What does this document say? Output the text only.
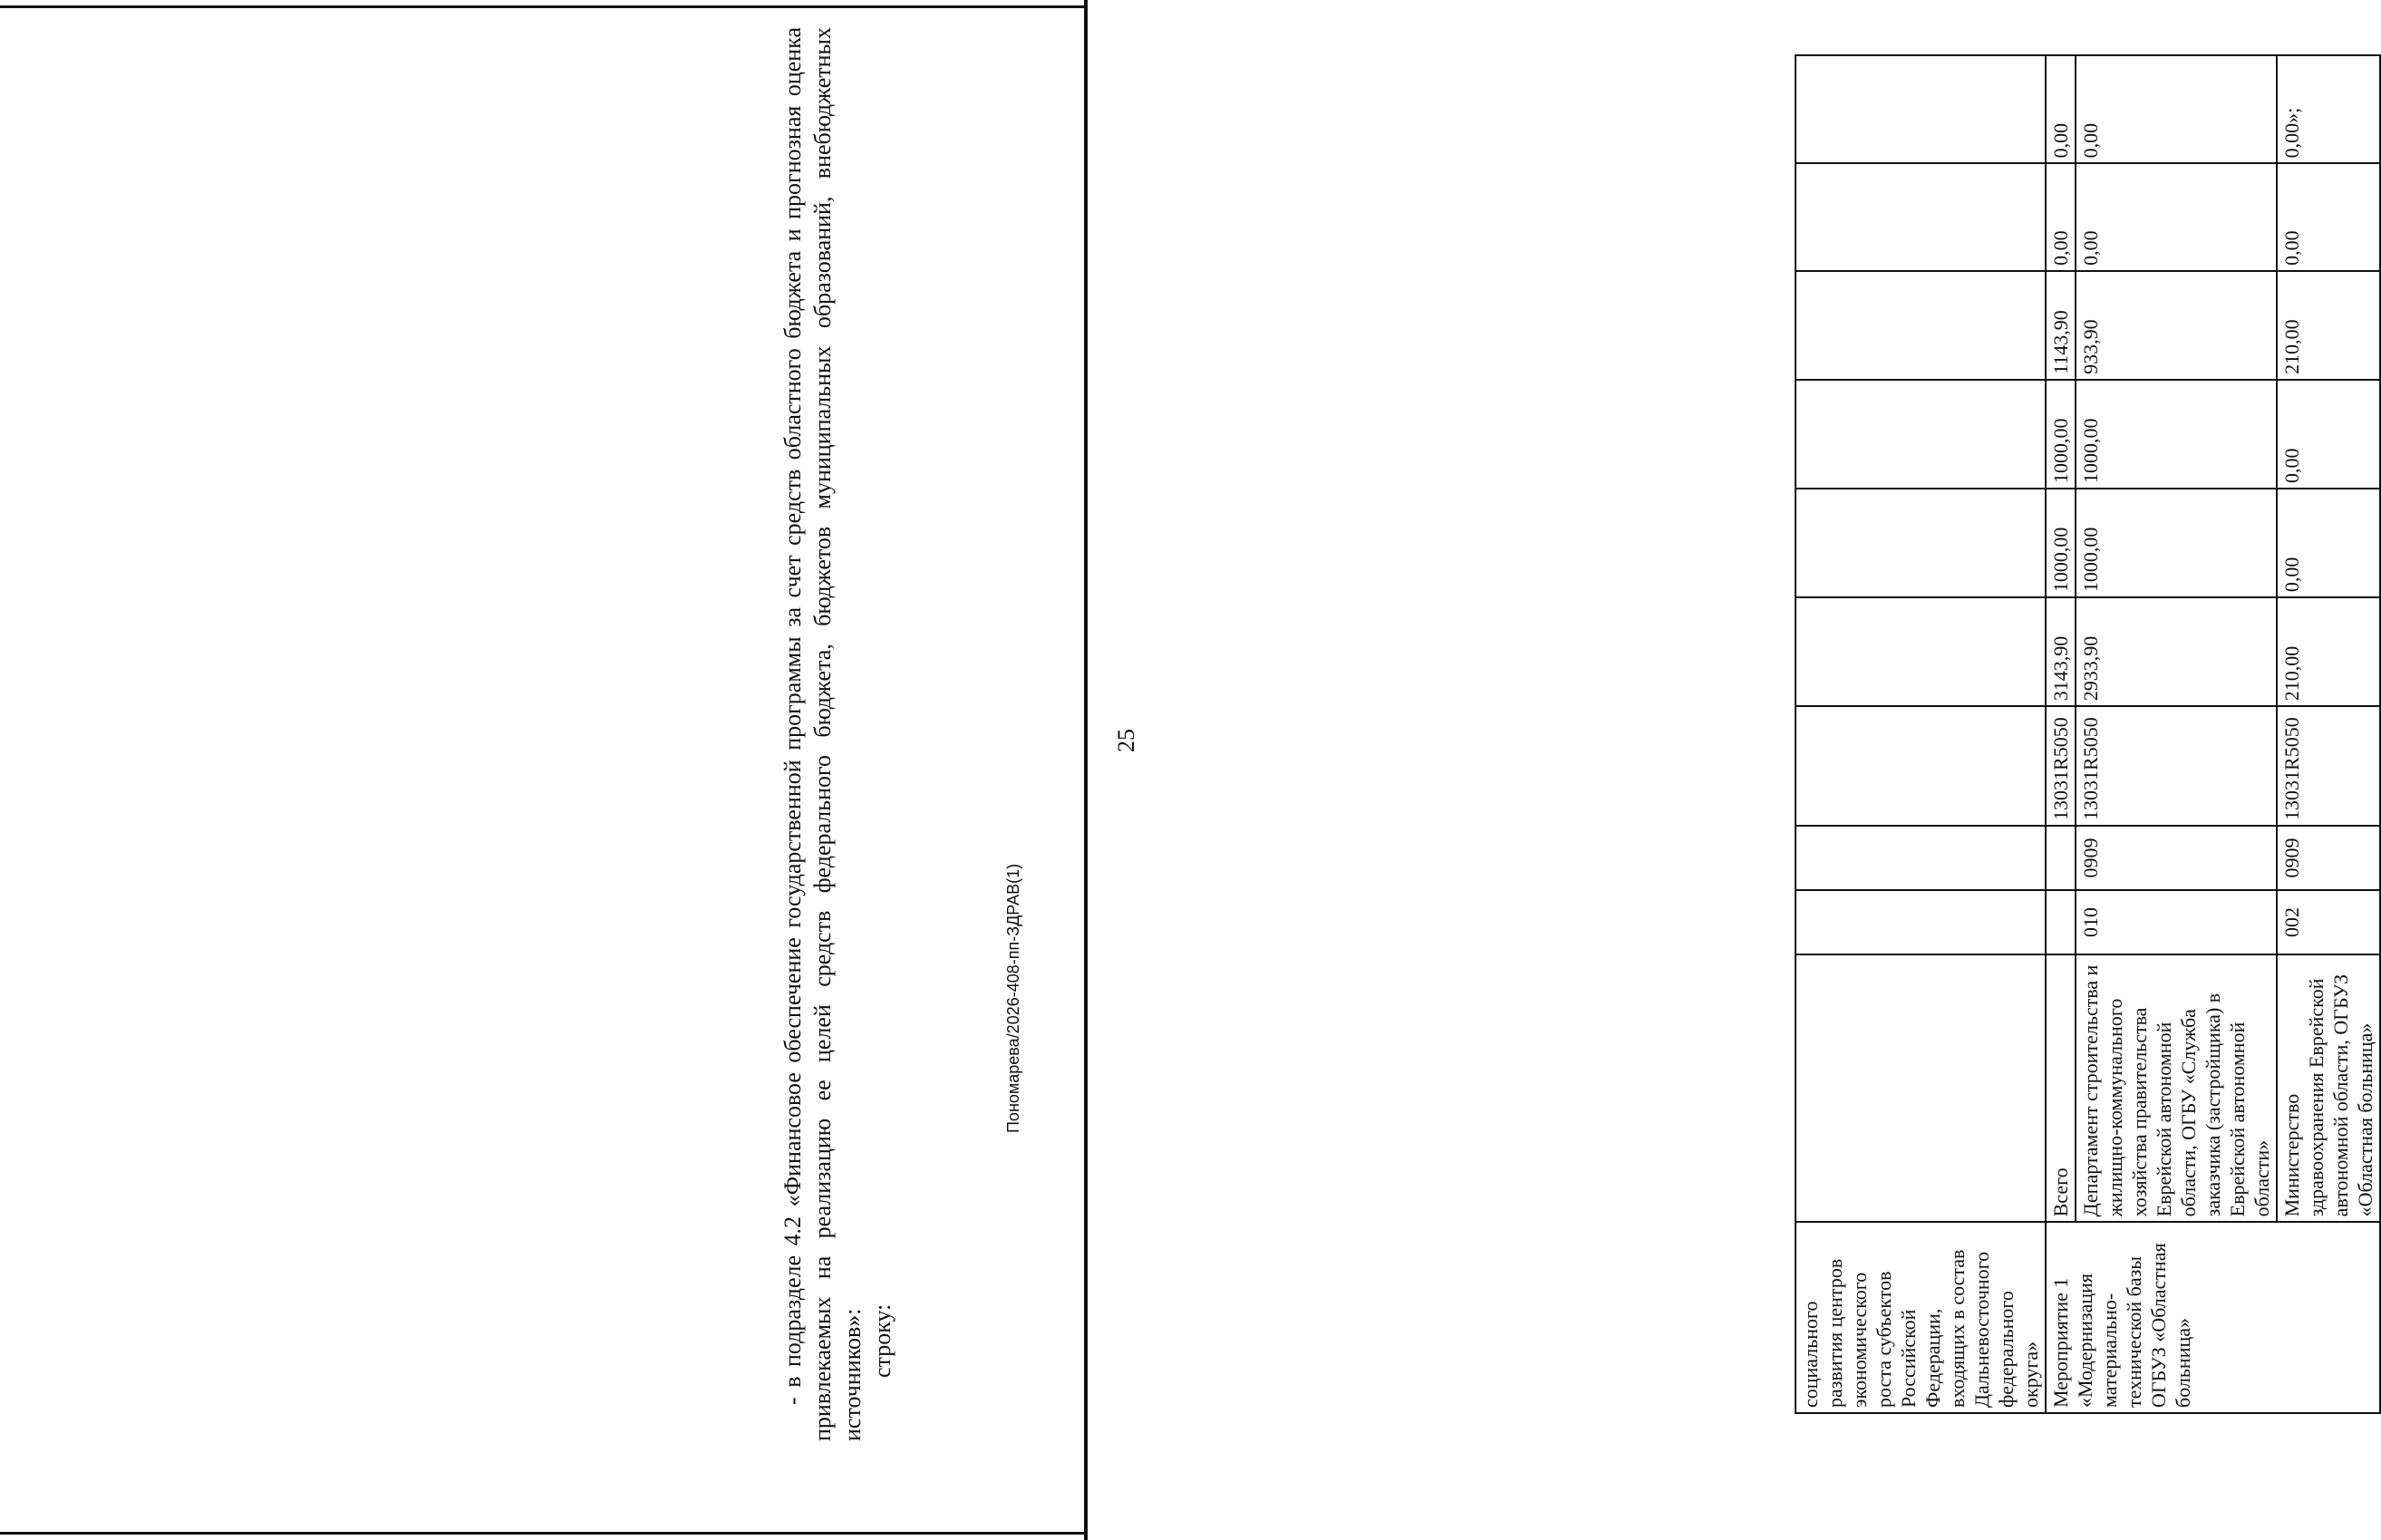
25
социального развития центров экономического роста субъектов Российской Федерации, входящих в состав Дальневосточного федерального округа»										
Мероприятие 1 «Модернизация материально-технической базы ОГБУЗ «Областная больница»	Всего			13031R5050	3143,90	1000,00	1000,00	1143,90	0,00	0,00
	Департамент строительства и жилищно-коммунального хозяйства правительства Еврейской автономной области, ОГБУ «Служба заказчика (застройщика) в Еврейской автономной области»	010	0909	13031R5050	2933,90	1000,00	1000,00	933,90	0,00	0,00
	Министерство здравоохранения Еврейской автономной области, ОГБУЗ «Областная больница»	002	0909	13031R5050	210,00	0,00	0,00	210,00	0,00	0,00»;

- в подразделе 4.2 «Финансовое обеспечение государственной программы за счет средств областного бюджета и прогнозная оценка привлекаемых на реализацию ее целей средств федерального бюджета, бюджетов муниципальных образований, внебюджетных источников»: строку:

Пономарева/2026-408-пп-ЗДРАВ(1)
